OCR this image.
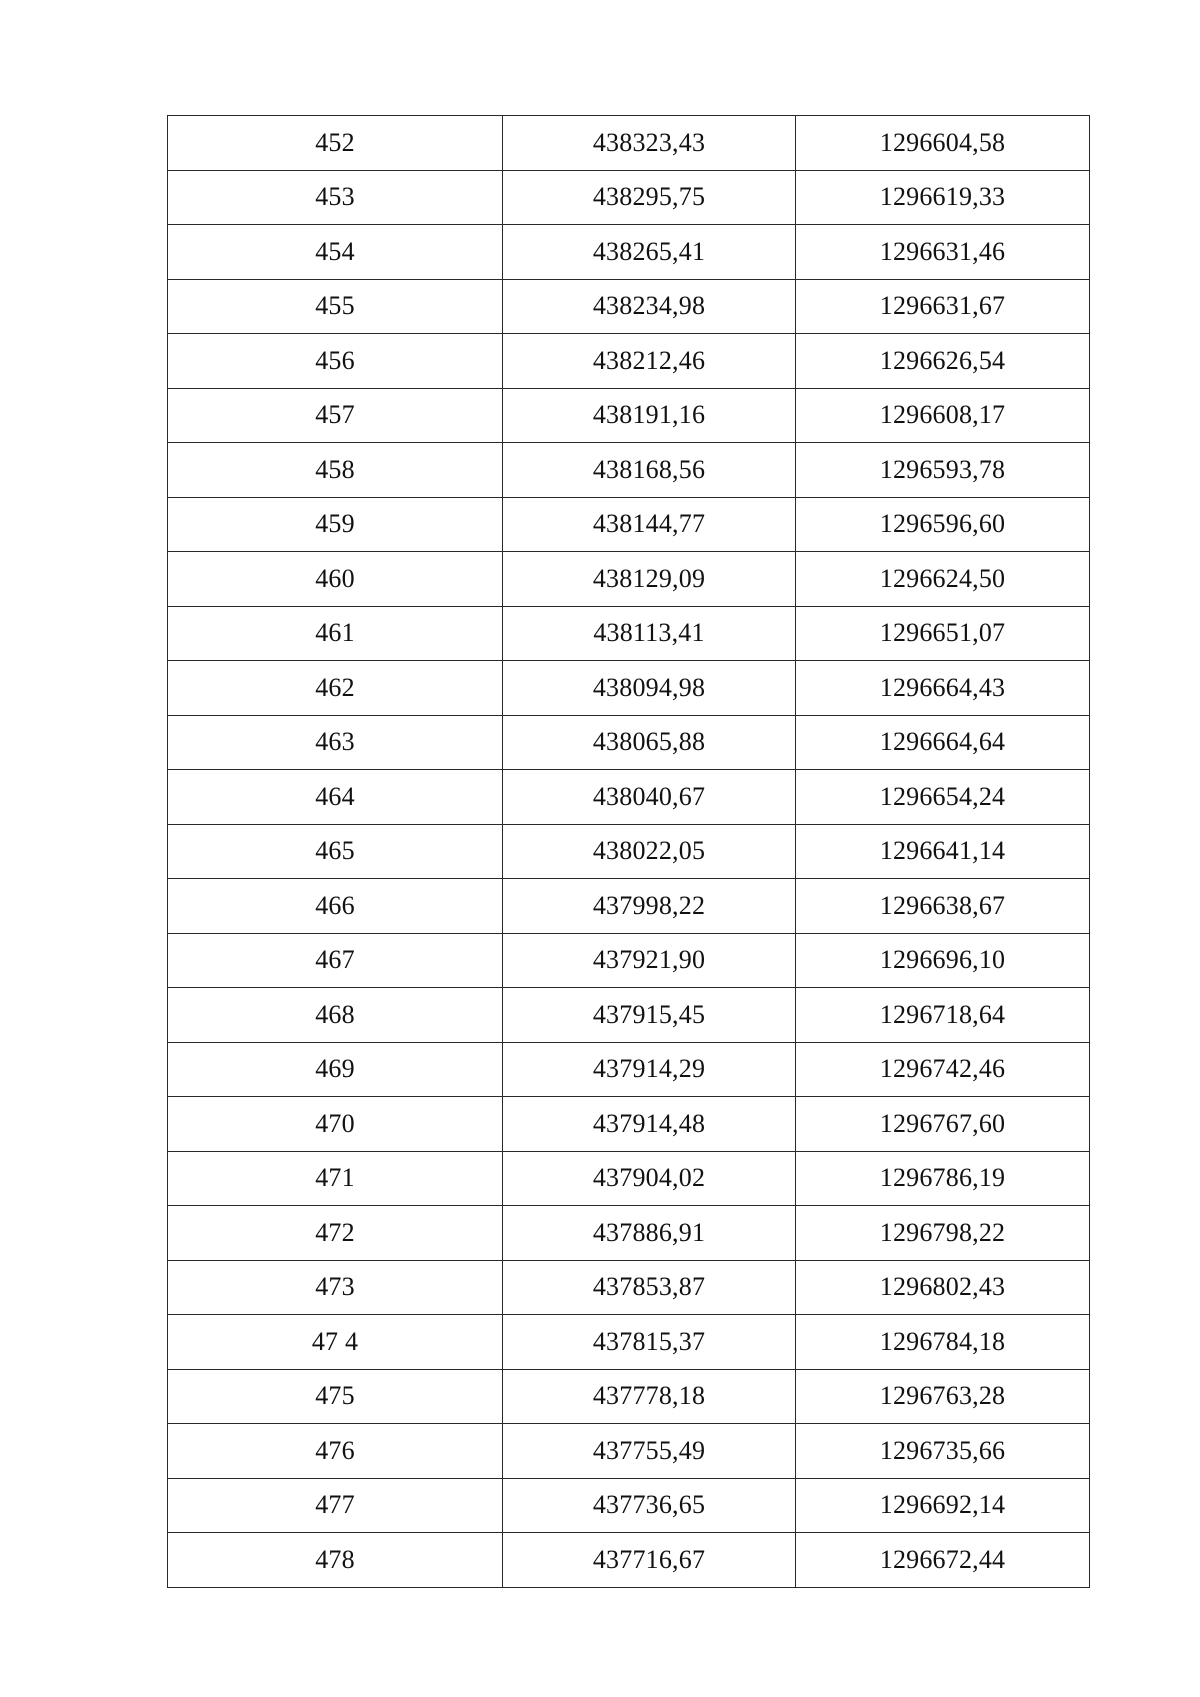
452	438323,43	1296604,58
453	438295,75	1296619,33
454	438265,41	1296631,46
455	438234,98	1296631,67
456	438212,46	1296626,54
457	438191,16	1296608,17
458	438168,56	1296593,78
459	438144,77	1296596,60
460	438129,09	1296624,50
461	438113,41	1296651,07
462	438094,98	1296664,43
463	438065,88	1296664,64
464	438040,67	1296654,24
465	438022,05	1296641,14
466	437998,22	1296638,67
467	437921,90	1296696,10
468	437915,45	1296718,64
469	437914,29	1296742,46
470	437914,48	1296767,60
471	437904,02	1296786,19
472	437886,91	1296798,22
473	437853,87	1296802,43
47 4	437815,37	1296784,18
475	437778,18	1296763,28
476	437755,49	1296735,66
477	437736,65	1296692,14
478	437716,67	1296672,44
